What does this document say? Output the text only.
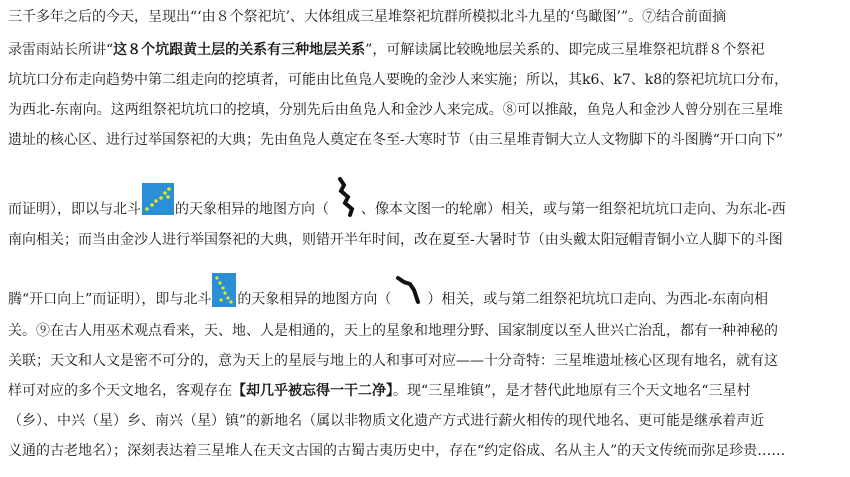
三千多年之后的今天，呈现出“‘由８个祭祀坑’、大体组成三星堆祭祀坑群所模拟北斗九星的‘鸟瞰图’”。⑦结合前面摘
录雷雨站长所讲“这８个坑跟黄土层的关系有三种地层关系”，可解读属比较晚地层关系的、即完成三星堆祭祀坑群８个祭祀
坑坑口分布走向趋势中第二组走向的挖填者，可能由比鱼凫人要晚的金沙人来实施；所以，其k6、k7、k8的祭祀坑坑口分布，
为西北-东南向。这两组祭祀坑坑口的挖填，分别先后由鱼凫人和金沙人来完成。⑧可以推敲，鱼凫人和金沙人曾分别在三星堆
遗址的核心区、进行过举国祭祀的大典；先由鱼凫人奠定在冬至-大寒时节（由三星堆青铜大立人文物脚下的斗图腾“开口向下”
而证明），即以与北斗 的天象相异的地图方向（ 、像本文图一的轮廓）相关，或与第一组祭祀坑坑口走向、为东北-西
南向相关；而当由金沙人进行举国祭祀的大典，则错开半年时间，改在夏至-大暑时节（由头戴太阳冠帽青铜小立人脚下的斗图
腾“开口向上”而证明），即与北斗 的天象相异的地图方向（	）相关，或与第二组祭祀坑坑口走向、为西北-东南向相
关。⑨在古人用巫术观点看来，天、地、人是相通的，天上的星象和地理分野、国家制度以至人世兴亡治乱，都有一种神秘的
关联；天文和人文是密不可分的，意为天上的星辰与地上的人和事可对应——十分奇特：三星堆遗址核心区现有地名，就有这
样可对应的多个天文地名，客观存在【却几乎被忘得一干二净】。现“三星堆镇”，是才替代此地原有三个天文地名“三星村
（乡）、中兴（星）乡、南兴（星）镇”的新地名（属以非物质文化遗产方式进行薪火相传的现代地名、更可能是继承着声近
义通的古老地名）；深刻表达着三星堆人在天文古国的古蜀古夷历史中，存在“约定俗成、名从主人”的天文传统而弥足珍贵……
